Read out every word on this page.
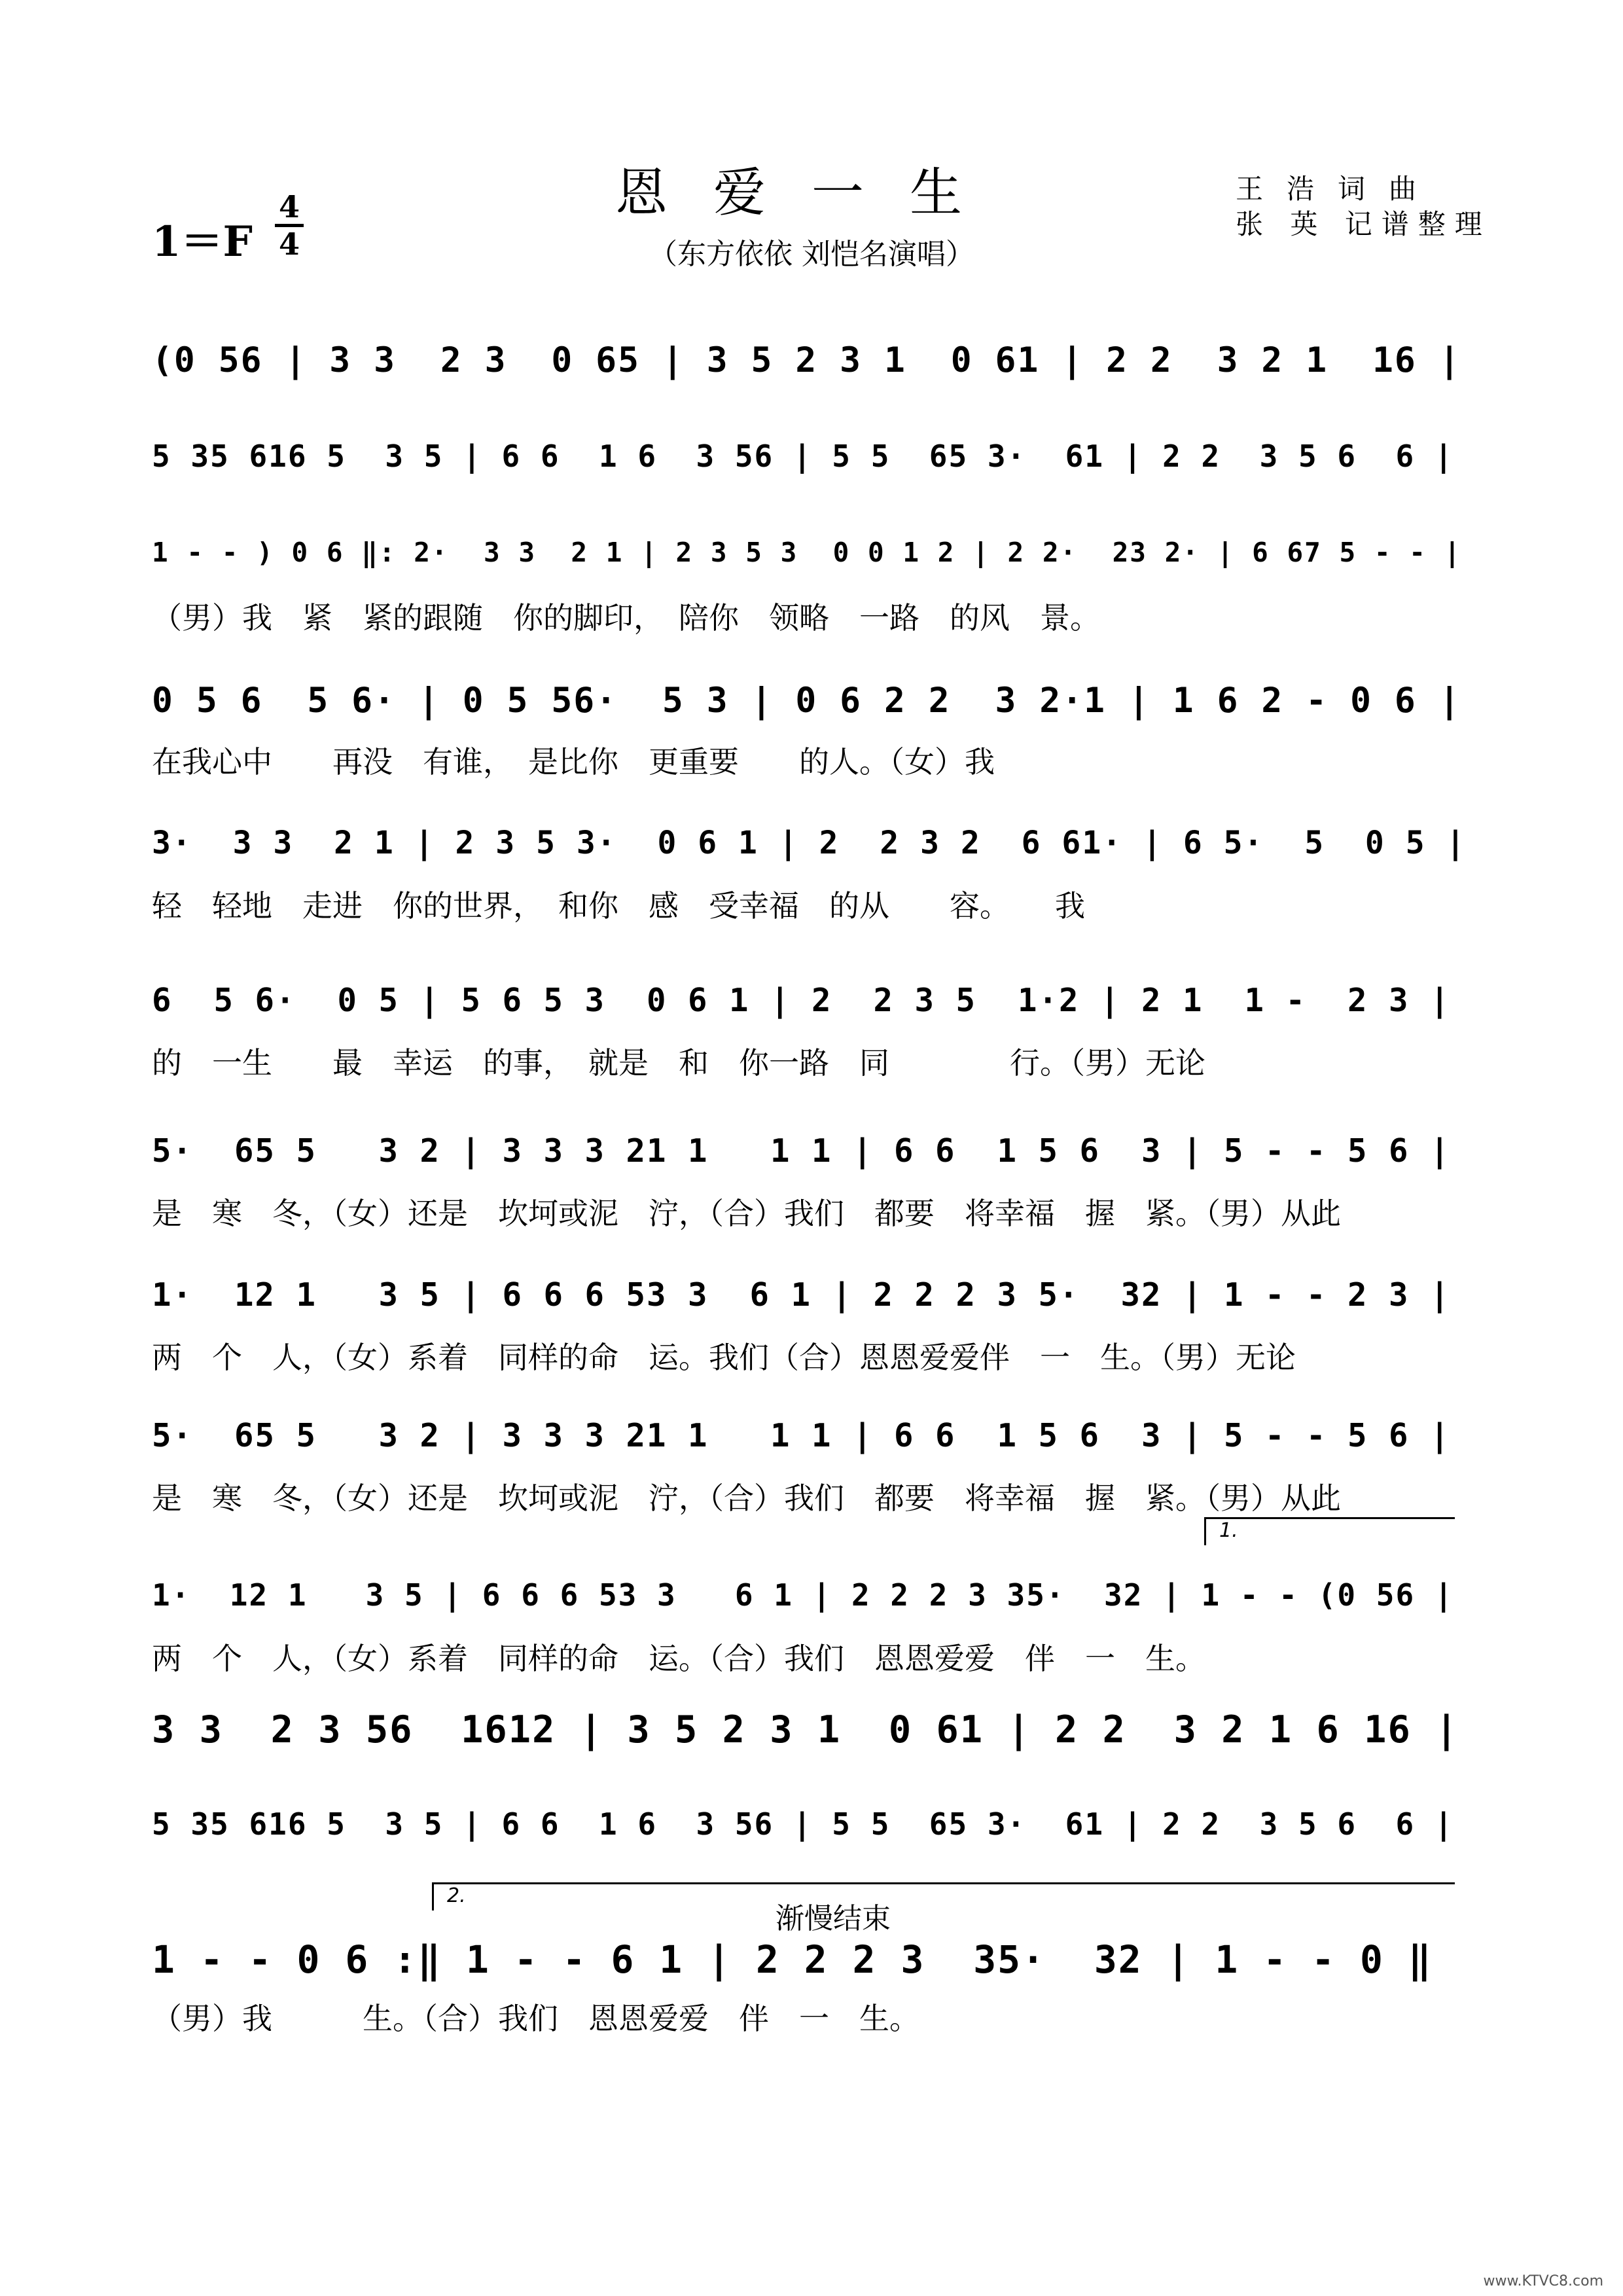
恩爱一生
（东方依依 刘恺名演唱）
1＝F
4
4
王浩词曲
张 英 记谱整理
1.
2.
渐慢结束
(0 56 | 3 3  2 3  0 65 | 3 5 2 3 1  0 61 | 2 2  3 2 1  16 |
5 35 616 5  3 5 | 6 6  1 6  3 56 | 5 5  65 3·  61 | 2 2  3 5 6  6 |
1 - - ) 0 6 ‖: 2·  3 3  2 1 | 2 3 5 3  0 0 1 2 | 2 2·  23 2· | 6 67 5 - - |
（男）我　紧　紧的跟随　你的脚印，　陪你　领略　一路　的风　景。
0 5 6  5 6· | 0 5 56·  5 3 | 0 6 2 2  3 2·1 | 1 6 2 - 0 6 |
在我心中　　再没　有谁，　是比你　更重要　　的人。（女）我
3·  3 3  2 1 | 2 3 5 3·  0 6 1 | 2  2 3 2  6 61· | 6 5·  5  0 5 |
轻　轻地　走进　你的世界，　和你　感　受幸福　的从　　容。　　我
6  5 6·  0 5 | 5 6 5 3  0 6 1 | 2  2 3 5  1·2 | 2 1  1 -  2 3 |
的　一生　　最　幸运　的事，　就是　和　你一路　同　　　　行。（男）无论
5·  65 5   3 2 | 3 3 3 21 1   1 1 | 6 6  1 5 6  3 | 5 - - 5 6 |
是　寒　冬，（女）还是　坎坷或泥　泞，（合）我们　都要　将幸福　握　紧。（男）从此
1·  12 1   3 5 | 6 6 6 53 3  6 1 | 2 2 2 3 5·  32 | 1 - - 2 3 |
两　个　人，（女）系着　同样的命　运。我们（合）恩恩爱爱伴　一　生。（男）无论
5·  65 5   3 2 | 3 3 3 21 1   1 1 | 6 6  1 5 6  3 | 5 - - 5 6 |
是　寒　冬，（女）还是　坎坷或泥　泞，（合）我们　都要　将幸福　握　紧。（男）从此
1·  12 1   3 5 | 6 6 6 53 3   6 1 | 2 2 2 3 35·  32 | 1 - - (0 56 |
两　个　人，（女）系着　同样的命　运。（合）我们　恩恩爱爱　伴　一　生。
3 3  2 3 56  1612 | 3 5 2 3 1  0 61 | 2 2  3 2 1 6 16 |
5 35 616 5  3 5 | 6 6  1 6  3 56 | 5 5  65 3·  61 | 2 2  3 5 6  6 |
1 - - 0 6 :‖ 1 - - 6 1 | 2 2 2 3  35·  32 | 1 - - 0 ‖
（男）我　　　生。（合）我们　恩恩爱爱　伴　一　生。
www.KTVC8.com
